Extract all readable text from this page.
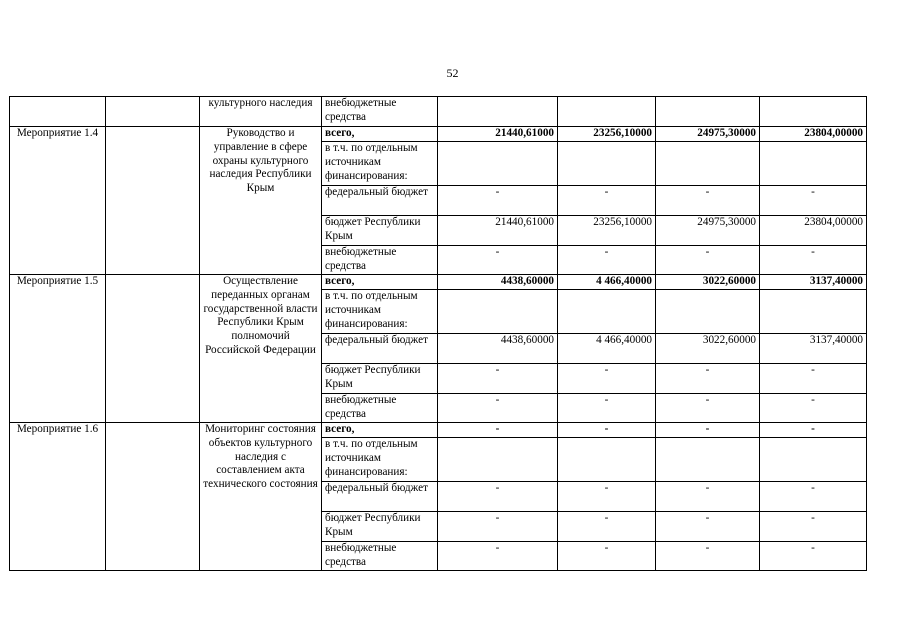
52
		культурного наследия	внебюджетные средства				
Мероприятие 1.4		Руководство и управление в сфере охраны культурного наследия Республики Крым	всего,	21440,61000	23256,10000	24975,30000	23804,00000
			в т.ч. по отдельным источникам финансирования:				
			федеральный бюджет	-	-	-	-
			бюджет Республики Крым	21440,61000	23256,10000	24975,30000	23804,00000
			внебюджетные средства	-	-	-	-
Мероприятие 1.5		Осуществление переданных органам государственной власти Республики Крым полномочий Российской Федерации	всего,	4438,60000	4 466,40000	3022,60000	3137,40000
			в т.ч. по отдельным источникам финансирования:				
			федеральный бюджет	4438,60000	4 466,40000	3022,60000	3137,40000
			бюджет Республики Крым	-	-	-	-
			внебюджетные средства	-	-	-	-
Мероприятие 1.6		Мониторинг состояния объектов культурного наследия с составлением акта технического состояния	всего,	-	-	-	-
			в т.ч. по отдельным источникам финансирования:				
			федеральный бюджет	-	-	-	-
			бюджет Республики Крым	-	-	-	-
			внебюджетные средства	-	-	-	-
